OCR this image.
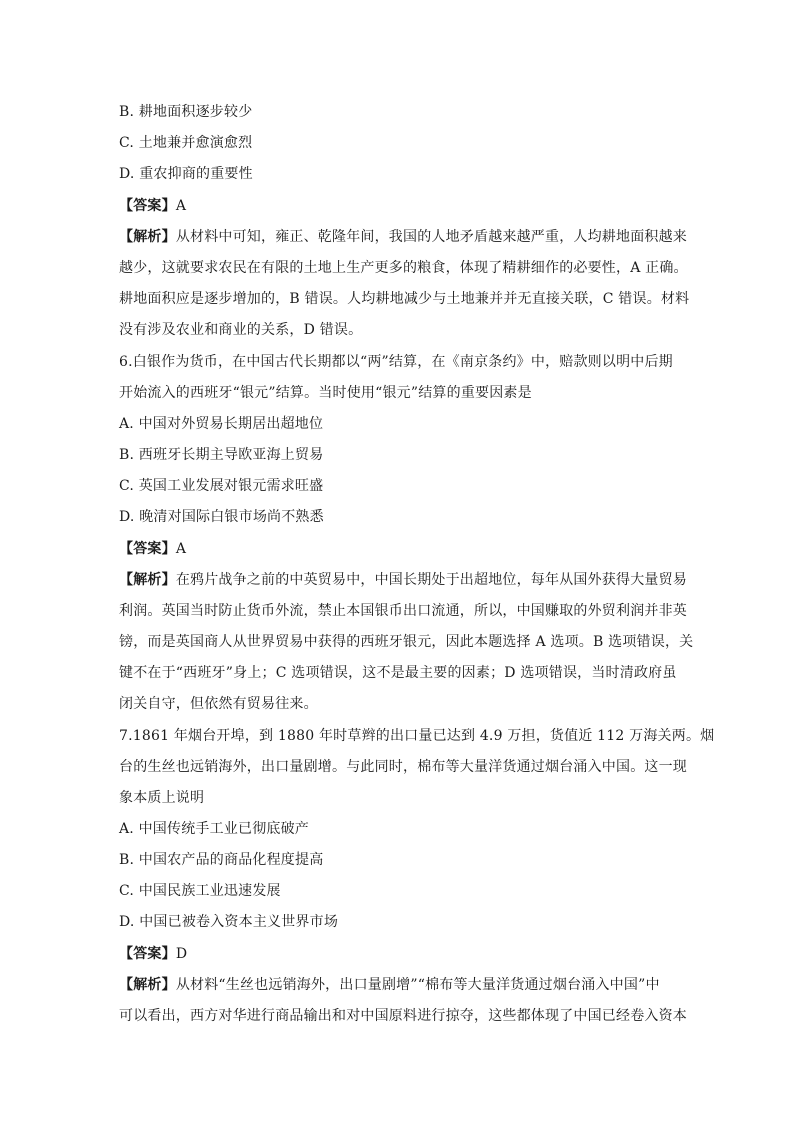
B. 耕地面积逐步较少
C. 土地兼并愈演愈烈
D. 重农抑商的重要性
【答案】A
【解析】从材料中可知，雍正、乾隆年间，我国的人地矛盾越来越严重，人均耕地面积越来
越少，这就要求农民在有限的土地上生产更多的粮食，体现了精耕细作的必要性，A 正确。
耕地面积应是逐步增加的，B 错误。人均耕地减少与土地兼并并无直接关联，C 错误。材料
没有涉及农业和商业的关系，D 错误。
6.白银作为货币，在中国古代长期都以“两”结算，在《南京条约》中，赔款则以明中后期
开始流入的西班牙“银元”结算。当时使用“银元”结算的重要因素是
A. 中国对外贸易长期居出超地位
B. 西班牙长期主导欧亚海上贸易
C. 英国工业发展对银元需求旺盛
D. 晚清对国际白银市场尚不熟悉
【答案】A
【解析】在鸦片战争之前的中英贸易中，中国长期处于出超地位，每年从国外获得大量贸易
利润。英国当时防止货币外流，禁止本国银币出口流通，所以，中国赚取的外贸利润并非英
镑，而是英国商人从世界贸易中获得的西班牙银元，因此本题选择 A 选项。B 选项错误，关
键不在于“西班牙”身上；C 选项错误，这不是最主要的因素；D 选项错误，当时清政府虽
闭关自守，但依然有贸易往来。
7.1861 年烟台开埠，到 1880 年时草辫的出口量已达到 4.9 万担，货值近 112 万海关两。烟
台的生丝也远销海外，出口量剧增。与此同时，棉布等大量洋货通过烟台涌入中国。这一现
象本质上说明
A. 中国传统手工业已彻底破产
B. 中国农产品的商品化程度提高
C. 中国民族工业迅速发展
D. 中国已被卷入资本主义世界市场
【答案】D
【解析】从材料“生丝也远销海外，出口量剧增”“棉布等大量洋货通过烟台涌入中国”中
可以看出，西方对华进行商品输出和对中国原料进行掠夺，这些都体现了中国已经卷入资本
